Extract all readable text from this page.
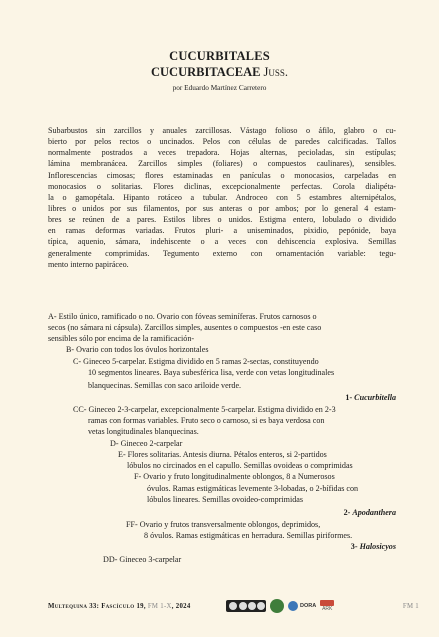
CUCURBITALES
CUCURBITACEAE Juss.
por Eduardo Martínez Carretero
Subarbustos sin zarcillos y anuales zarcillosas. Vástago folioso o áfilo, glabro o cu-
bierto por pelos rectos o uncinados. Pelos con células de paredes calcificadas. Tallos
normalmente postrados a veces trepadora. Hojas alternas, pecioladas, sin estípulas;
lámina membranácea. Zarcillos simples (foliares) o compuestos caulinares), sensibles.
Inflorescencias cimosas; flores estaminadas en panículas o monocasios, carpeladas en
monocasios o solitarias. Flores diclinas, excepcionalmente perfectas. Corola dialipéta-
la o gamopétala. Hipanto rotáceo a tubular. Androceo con 5 estambres alternipétalos,
libres o unidos por sus filamentos, por sus anteras o por ambos; por lo general 4 estam-
bres se reúnen de a pares. Estilos libres o unidos. Estigma entero, lobulado o dividido
en ramas deformas variadas. Frutos pluri- a uniseminados, pixidio, pepónide, baya
típica, aquenio, sámara, indehiscente o a veces con dehiscencia explosiva. Semillas
generalmente comprimidas. Tegumento externo con ornamentación variable: tegu-
mento interno papiráceo.
A- Estilo único, ramificado o no. Ovario con fóveas seminíferas. Frutos carnosos o
secos (no sámara ni cápsula). Zarcillos simples, ausentes o compuestos -en este caso
sensibles sólo por encima de la ramificación-
B- Ovario con todos los óvulos horizontales
C- Gineceo 5-carpelar. Estigma dividido en 5 ramas 2-sectas, constituyendo
10 segmentos lineares. Baya subesférica lisa, verde con vetas longitudinales
blanquecinas. Semillas con saco ariloide verde.
1- Cucurbitella
CC- Gineceo 2-3-carpelar, excepcionalmente 5-carpelar. Estigma dividido en 2-3
ramas con formas variables. Fruto seco o carnoso, si es baya verdosa con
vetas longitudinales blanquecinas.
D- Gineceo 2-carpelar
E- Flores solitarias. Antesis diurna. Pétalos enteros, si 2-partidos
lóbulos no circinados en el capullo. Semillas ovoideas o comprimidas
F- Ovario y fruto longitudinalmente oblongos, 8 a Numerosos
óvulos. Ramas estigmáticas levemente 3-lobadas, o 2-bífidas con
lóbulos lineares. Semillas ovoideo-comprimidas
2- Apodanthera
FF- Ovario y frutos transversalmente oblongos, deprimidos,
8 óvulos. Ramas estigmáticas en herradura. Semillas piriformes.
3- Halosicyos
DD- Gineceo 3-carpelar
Multequina 33: Fascículo 19, FM 1-X, 2024	DORA	ARK	FM 1
